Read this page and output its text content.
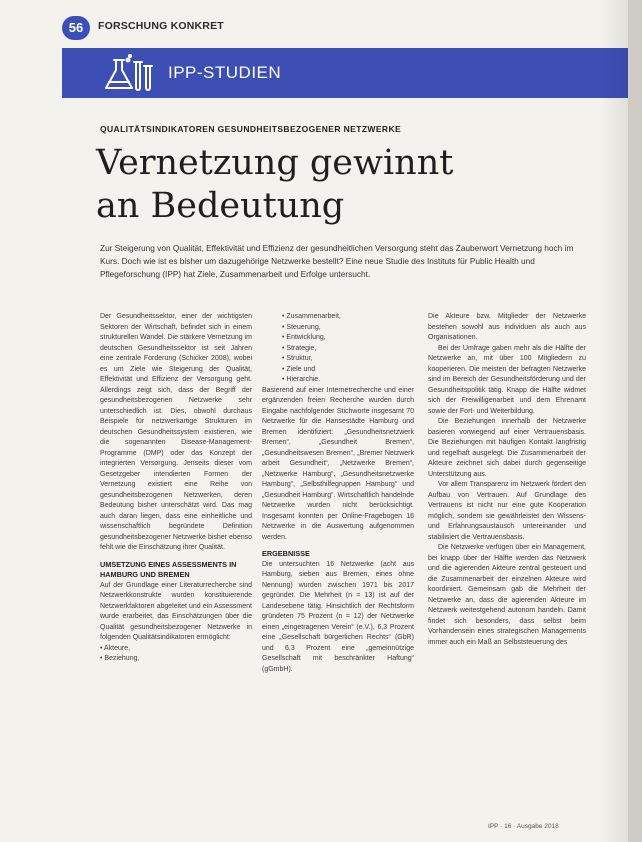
56	FORSCHUNG KONKRET
IPP-STUDIEN
QUALITÄTSINDIKATOREN GESUNDHEITSBEZOGENER NETZWERKE
Vernetzung gewinnt
an Bedeutung
Zur Steigerung von Qualität, Effektivität und Effizienz der gesundheitlichen Versorgung steht das Zauberwort Vernetzung hoch im Kurs. Doch wie ist es bisher um dazugehörige Netzwerke bestellt? Eine neue Studie des Instituts für Public Health und Pflegeforschung (IPP) hat Ziele, Zusammenarbeit und Erfolge untersucht.

Der Gesundheitssektor, einer der wichtigsten Sektoren der Wirtschaft, befindet sich in einem strukturellen Wandel. Die stärkere Vernetzung im deutschen Gesundheitssektor ist seit Jahren eine zentrale Forderung (Schicker 2008), wobei es um Ziele wie Steigerung der Qualität, Effektivität und Effizienz der Versorgung geht. Allerdings zeigt sich, dass der Begriff der gesundheitsbezogenen Netzwerke sehr unterschiedlich ist. Dies, obwohl durchaus Beispiele für netzwerkartige Strukturen im deutschen Gesundheitssystem existieren, wie die sogenannten Disease-Management-Programme (DMP) oder das Konzept der integrierten Versorgung. Jenseits dieser vom Gesetzgeber intendierten Formen der Vernetzung existiert eine Reihe von gesundheitsbezogenen Netzwerken, deren Bedeutung bisher unterschätzt wird. Das mag auch daran liegen, dass eine einheitliche und wissenschaftlich begründete Definition gesundheitsbezogener Netzwerke bisher ebenso fehlt wie die Einschätzung ihrer Qualität.

UMSETZUNG EINES ASSESSMENTS IN HAMBURG UND BREMEN

Auf der Grundlage einer Literaturrecherche sind Netzwerkkonstrukte wurden konstituierende Netzwerkfaktoren abgeleitet und ein Assessment wurde erarbeitet, das Einschätzungen über die Qualität gesundheitsbezogener Netzwerke in folgenden Qualitätsindikatoren ermöglicht:

• Akteure,
• Beziehung,
• Zusammenarbeit,
• Steuerung,
• Entwicklung,
• Strategie,
• Struktur,
• Ziele und
• Hierarchie.

Basierend auf einer Internetrecherche und einer ergänzenden freien Recherche wurden durch Eingabe nachfolgender Stichworte insgesamt 70 Netzwerke für die Hansestädte Hamburg und Bremen identifiziert: „Gesundheitsnetzwerk Bremen“, „Gesundheit Bremen“, „Gesundheitswesen Bremen“, „Bremer Netzwerk arbeit Gesundheit“, „Netzwerke Bremen“, „Netzwerke Hamburg“, „Gesundheitsnetzwerke Hamburg“, „Selbsthilfegruppen Hamburg“ und „Gesundheit Hamburg“. Wirtschaftlich handelnde Netzwerke wurden nicht berücksichtigt. Insgesamt konnten per Online-Fragebogen 16 Netzwerke in die Auswertung aufgenommen werden.

ERGEBNISSE

Die untersuchten 16 Netzwerke (acht aus Hamburg, sieben aus Bremen, eines ohne Nennung) wurden zwischen 1971 bis 2017 gegründet. Die Mehrheit (n = 13) ist auf der Landesebene tätig. Hinsichtlich der Rechtsform gründeten 75 Prozent (n = 12) der Netzwerke einen „eingetragenen Verein“ (e.V.), 6,3 Prozent eine „Gesellschaft bürgerlichen Rechts“ (GbR) und 6,3 Prozent eine „gemeinnützige Gesellschaft mit beschränkter Haftung“ (gGmbH).

Die Akteure bzw. Mitglieder der Netzwerke bestehen sowohl aus individuen als auch aus Organisationen.

Bei der Umfrage gaben mehr als die Hälfte der Netzwerke an, mit über 100 Mitgliedern zu kooperieren. Die meisten der befragten Netzwerke sind im Bereich der Gesundheitsförderung und der Gesundheitspolitik tätig. Knapp die Hälfte widmet sich der Freiwilligenarbeit und dem Ehrenamt sowie der Fort- und Weiterbildung.

Die Beziehungen innerhalb der Netzwerke basieren vorwiegend auf einer Vertrauensbasis. Die Beziehungen mit häufigen Kontakt langfristig und regelhaft ausgelegt. Die Zusammenarbeit der Akteure zeichnet sich dabei durch gegenseitige Unterstützung aus.

Vor allem Transparenz im Netzwerk fördert den Aufbau von Vertrauen. Auf Grundlage des Vertrauens ist nicht nur eine gute Kooperation möglich, sondern sie gewährleistet den Wissens- und Erfahrungsaustausch untereinander und stabilisiert die Vertrauensbasis.

Die Netzwerke verfügen über ein Management, bei knapp über der Hälfte werden das Netzwerk und die agierenden Akteure zentral gesteuert und die Zusammenarbeit der einzelnen Akteure wird koordiniert. Gemeinsam gab die Mehrheit der Netzwerke an, dass die agierenden Akteure im Netzwerk weitestgehend autonom handeln. Damit findet sich besonders, dass selbst beim Vorhandensein eines strategischen Managements immer auch ein Maß an Selbststeuerung des

IPP · 16 · Ausgabe 2018
